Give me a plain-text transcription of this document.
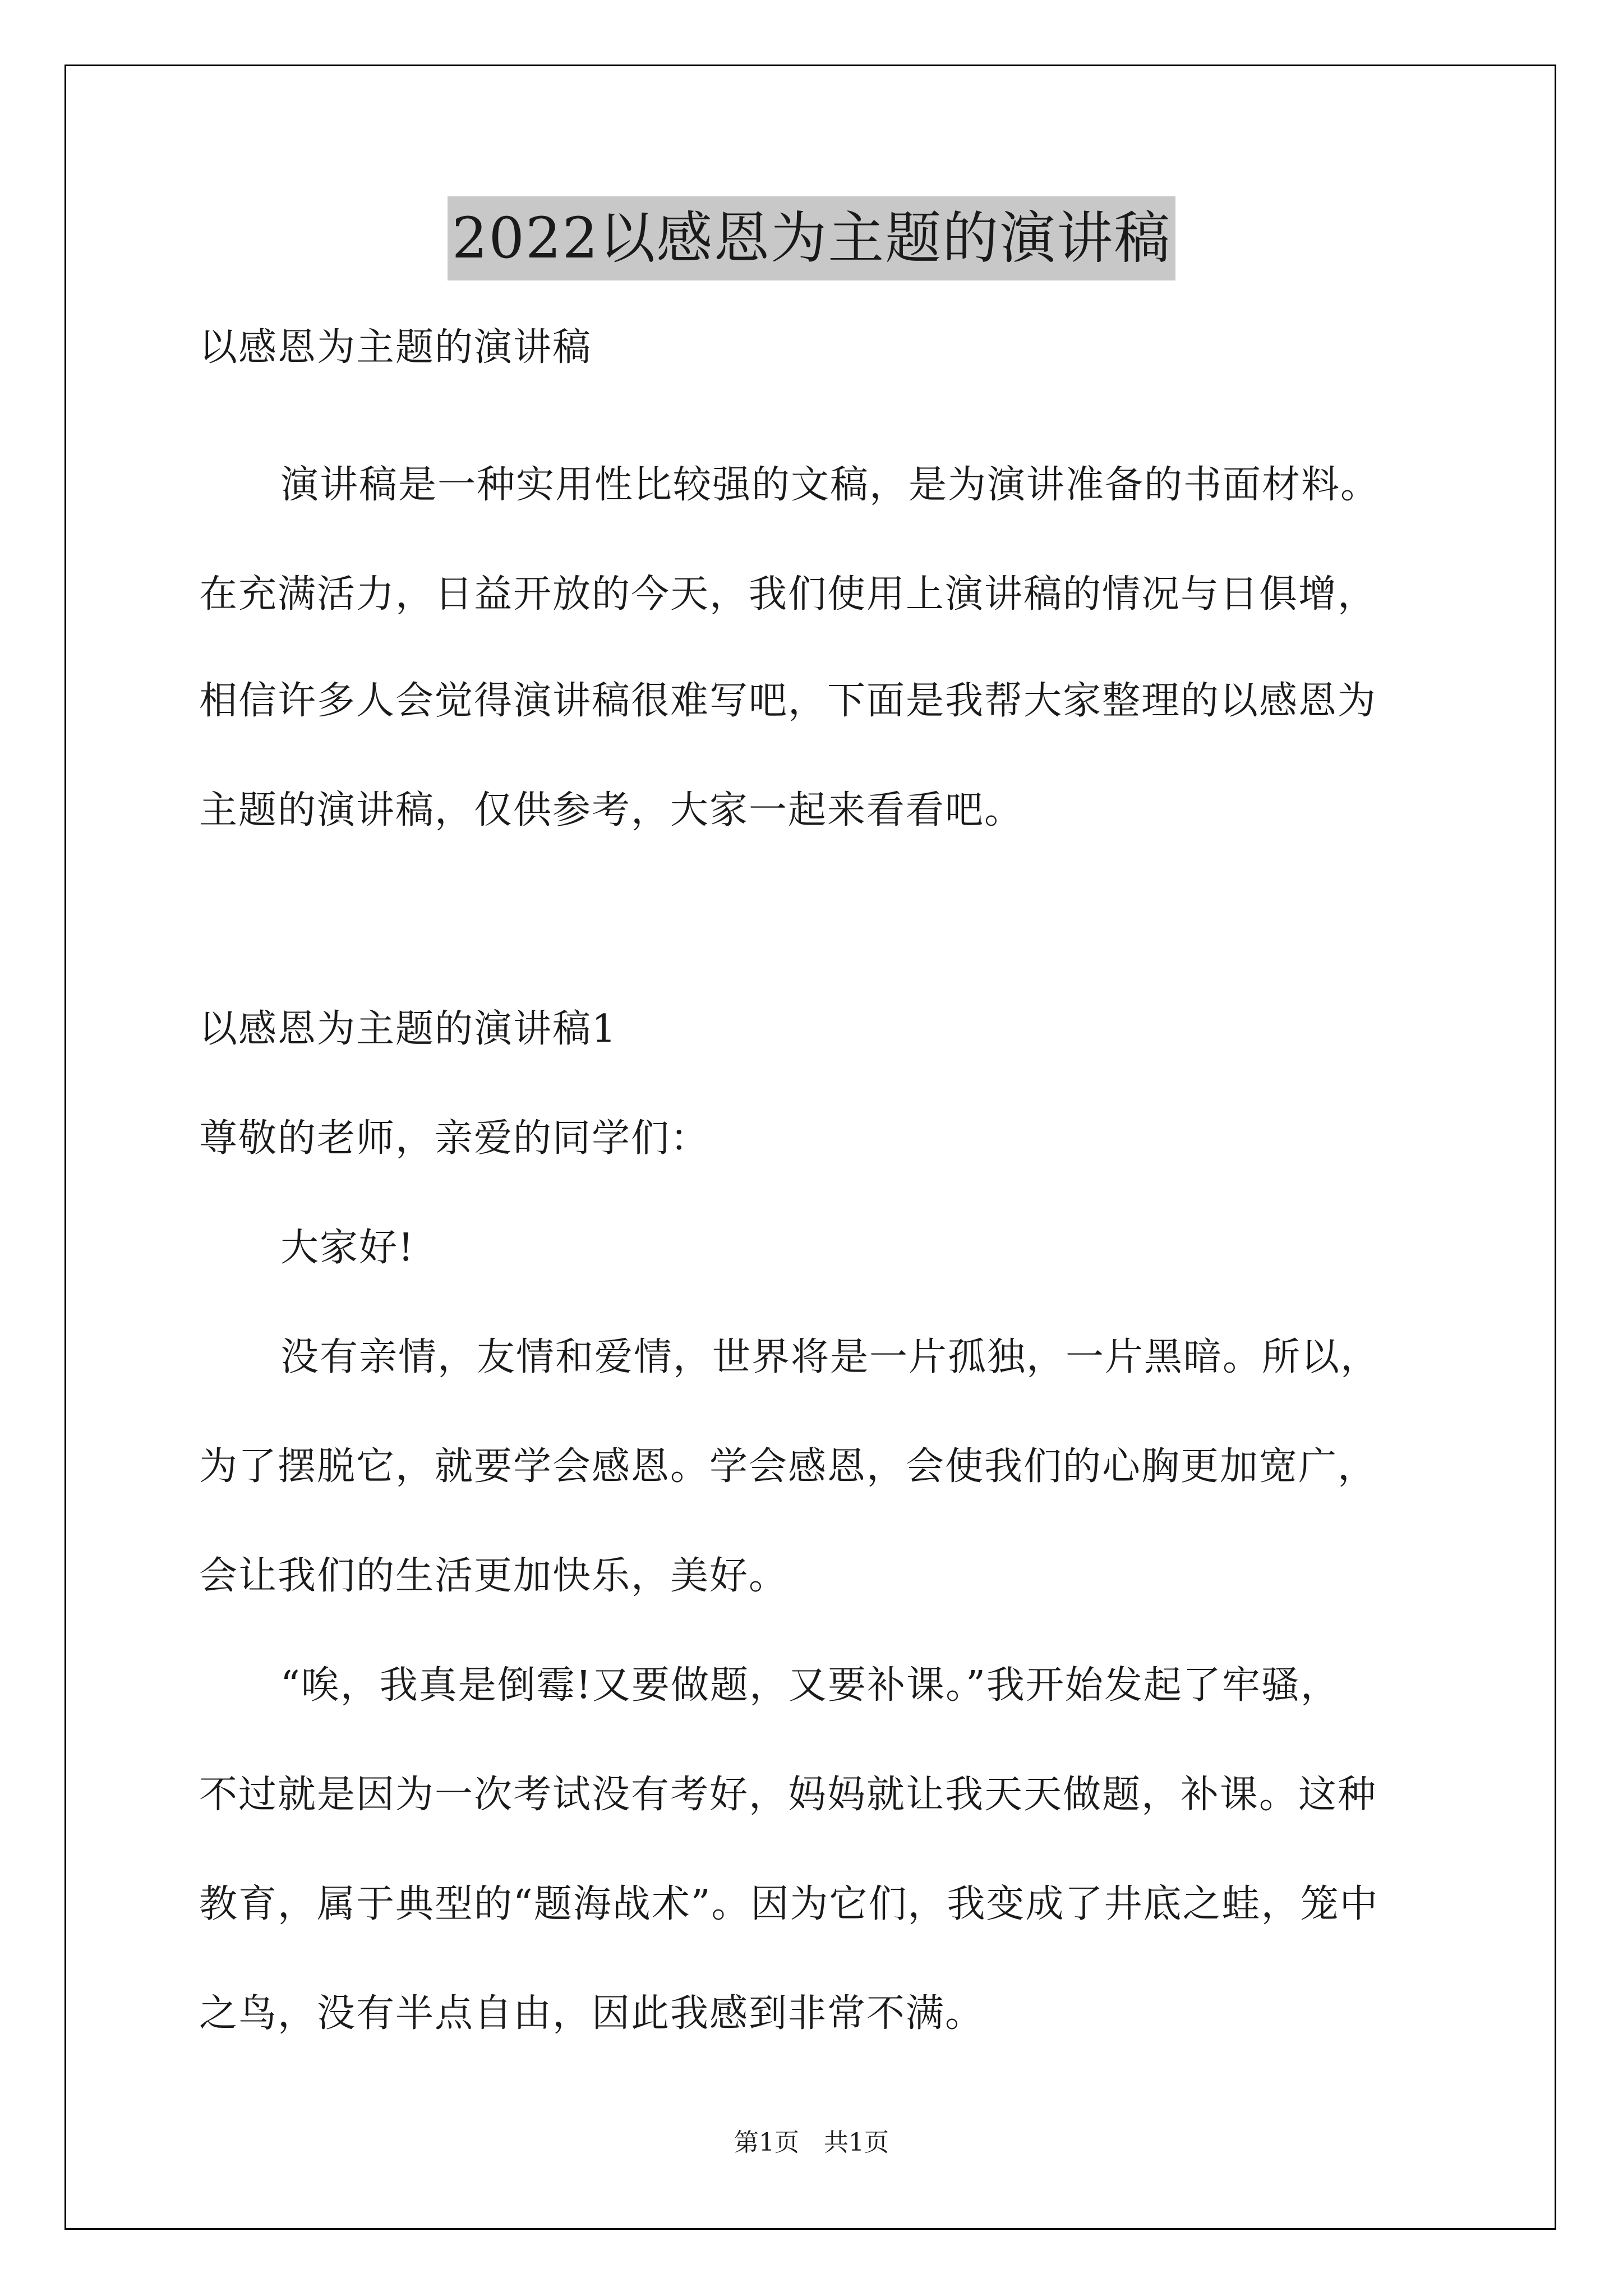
2022以感恩为主题的演讲稿
以感恩为主题的演讲稿
演讲稿是一种实用性比较强的文稿，是为演讲准备的书面材料。
在充满活力，日益开放的今天，我们使用上演讲稿的情况与日俱增，
相信许多人会觉得演讲稿很难写吧，下面是我帮大家整理的以感恩为
主题的演讲稿，仅供参考，大家一起来看看吧。
以感恩为主题的演讲稿1
尊敬的老师，亲爱的同学们：
大家好!
没有亲情，友情和爱情，世界将是一片孤独，一片黑暗。所以，
为了摆脱它，就要学会感恩。学会感恩，会使我们的心胸更加宽广，
会让我们的生活更加快乐，美好。
“唉，我真是倒霉!又要做题，又要补课。”我开始发起了牢骚，
不过就是因为一次考试没有考好，妈妈就让我天天做题，补课。这种
教育，属于典型的“题海战术”。因为它们，我变成了井底之蛙，笼中
之鸟，没有半点自由，因此我感到非常不满。
第1页　共1页
